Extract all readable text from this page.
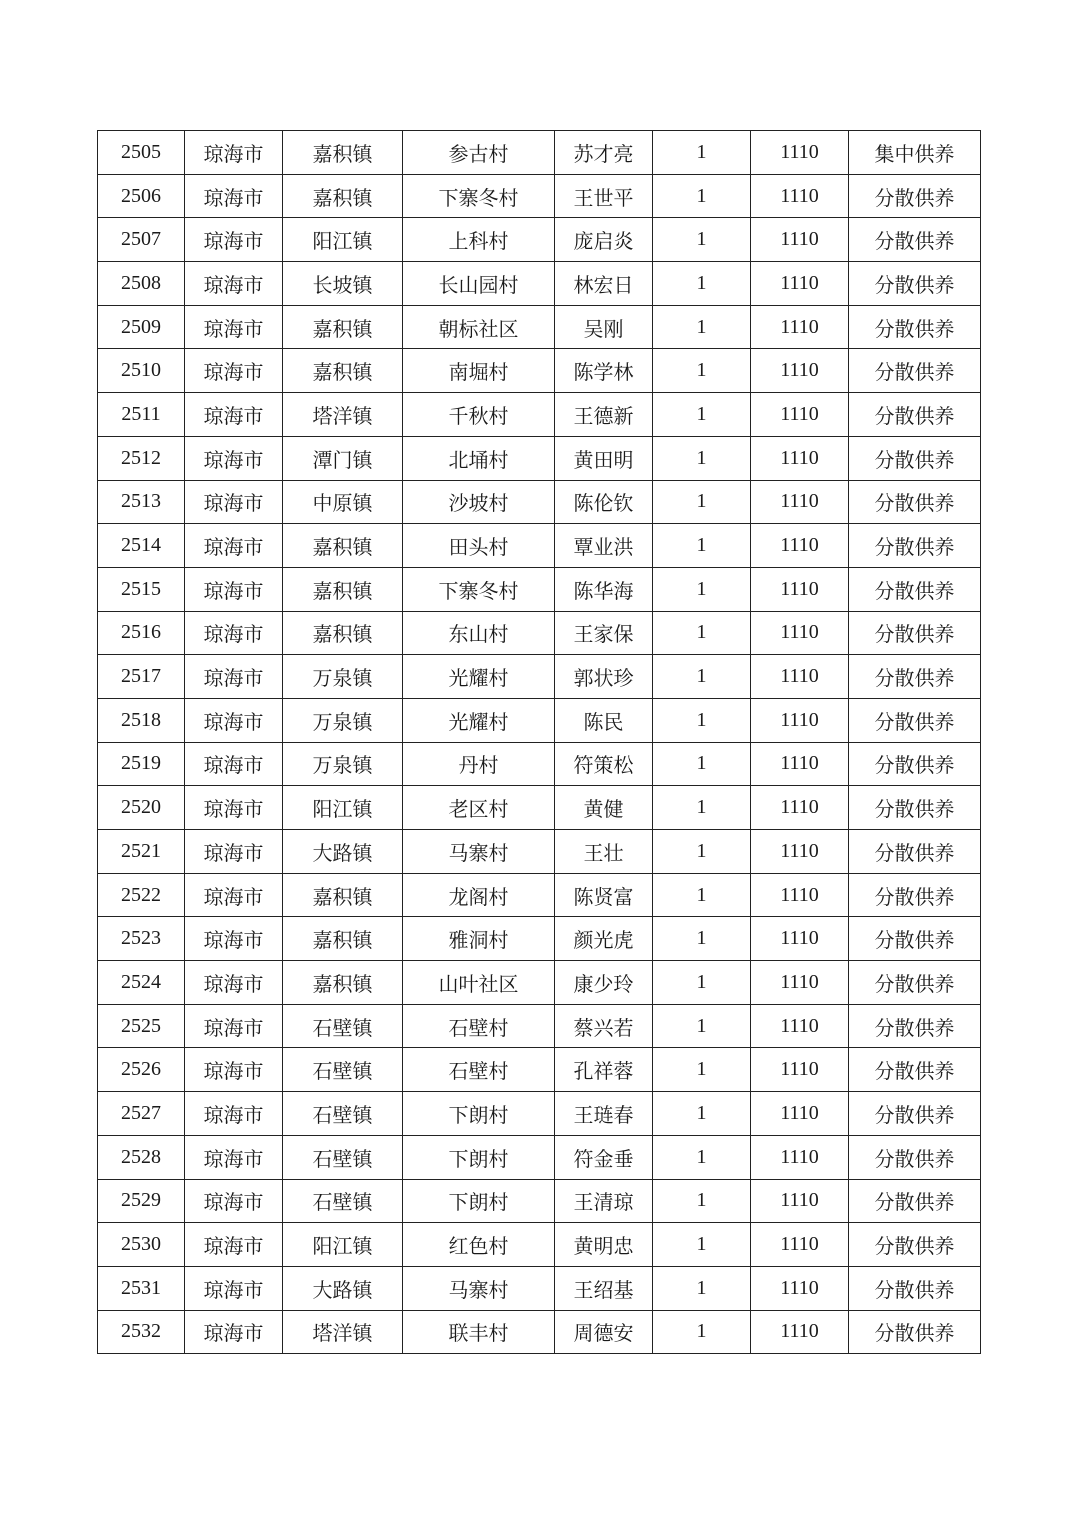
2505	琼海市	嘉积镇	参古村	苏才亮	1	1110	集中供养
2506	琼海市	嘉积镇	下寨冬村	王世平	1	1110	分散供养
2507	琼海市	阳江镇	上科村	庞启炎	1	1110	分散供养
2508	琼海市	长坡镇	长山园村	林宏日	1	1110	分散供养
2509	琼海市	嘉积镇	朝标社区	吴刚	1	1110	分散供养
2510	琼海市	嘉积镇	南堀村	陈学林	1	1110	分散供养
2511	琼海市	塔洋镇	千秋村	王德新	1	1110	分散供养
2512	琼海市	潭门镇	北埇村	黄田明	1	1110	分散供养
2513	琼海市	中原镇	沙坡村	陈伦钦	1	1110	分散供养
2514	琼海市	嘉积镇	田头村	覃业洪	1	1110	分散供养
2515	琼海市	嘉积镇	下寨冬村	陈华海	1	1110	分散供养
2516	琼海市	嘉积镇	东山村	王家保	1	1110	分散供养
2517	琼海市	万泉镇	光耀村	郭状珍	1	1110	分散供养
2518	琼海市	万泉镇	光耀村	陈民	1	1110	分散供养
2519	琼海市	万泉镇	丹村	符策松	1	1110	分散供养
2520	琼海市	阳江镇	老区村	黄健	1	1110	分散供养
2521	琼海市	大路镇	马寨村	王壮	1	1110	分散供养
2522	琼海市	嘉积镇	龙阁村	陈贤富	1	1110	分散供养
2523	琼海市	嘉积镇	雅洞村	颜光虎	1	1110	分散供养
2524	琼海市	嘉积镇	山叶社区	康少玲	1	1110	分散供养
2525	琼海市	石壁镇	石壁村	蔡兴若	1	1110	分散供养
2526	琼海市	石壁镇	石壁村	孔祥蓉	1	1110	分散供养
2527	琼海市	石壁镇	下朗村	王琏春	1	1110	分散供养
2528	琼海市	石壁镇	下朗村	符金垂	1	1110	分散供养
2529	琼海市	石壁镇	下朗村	王清琼	1	1110	分散供养
2530	琼海市	阳江镇	红色村	黄明忠	1	1110	分散供养
2531	琼海市	大路镇	马寨村	王绍基	1	1110	分散供养
2532	琼海市	塔洋镇	联丰村	周德安	1	1110	分散供养
